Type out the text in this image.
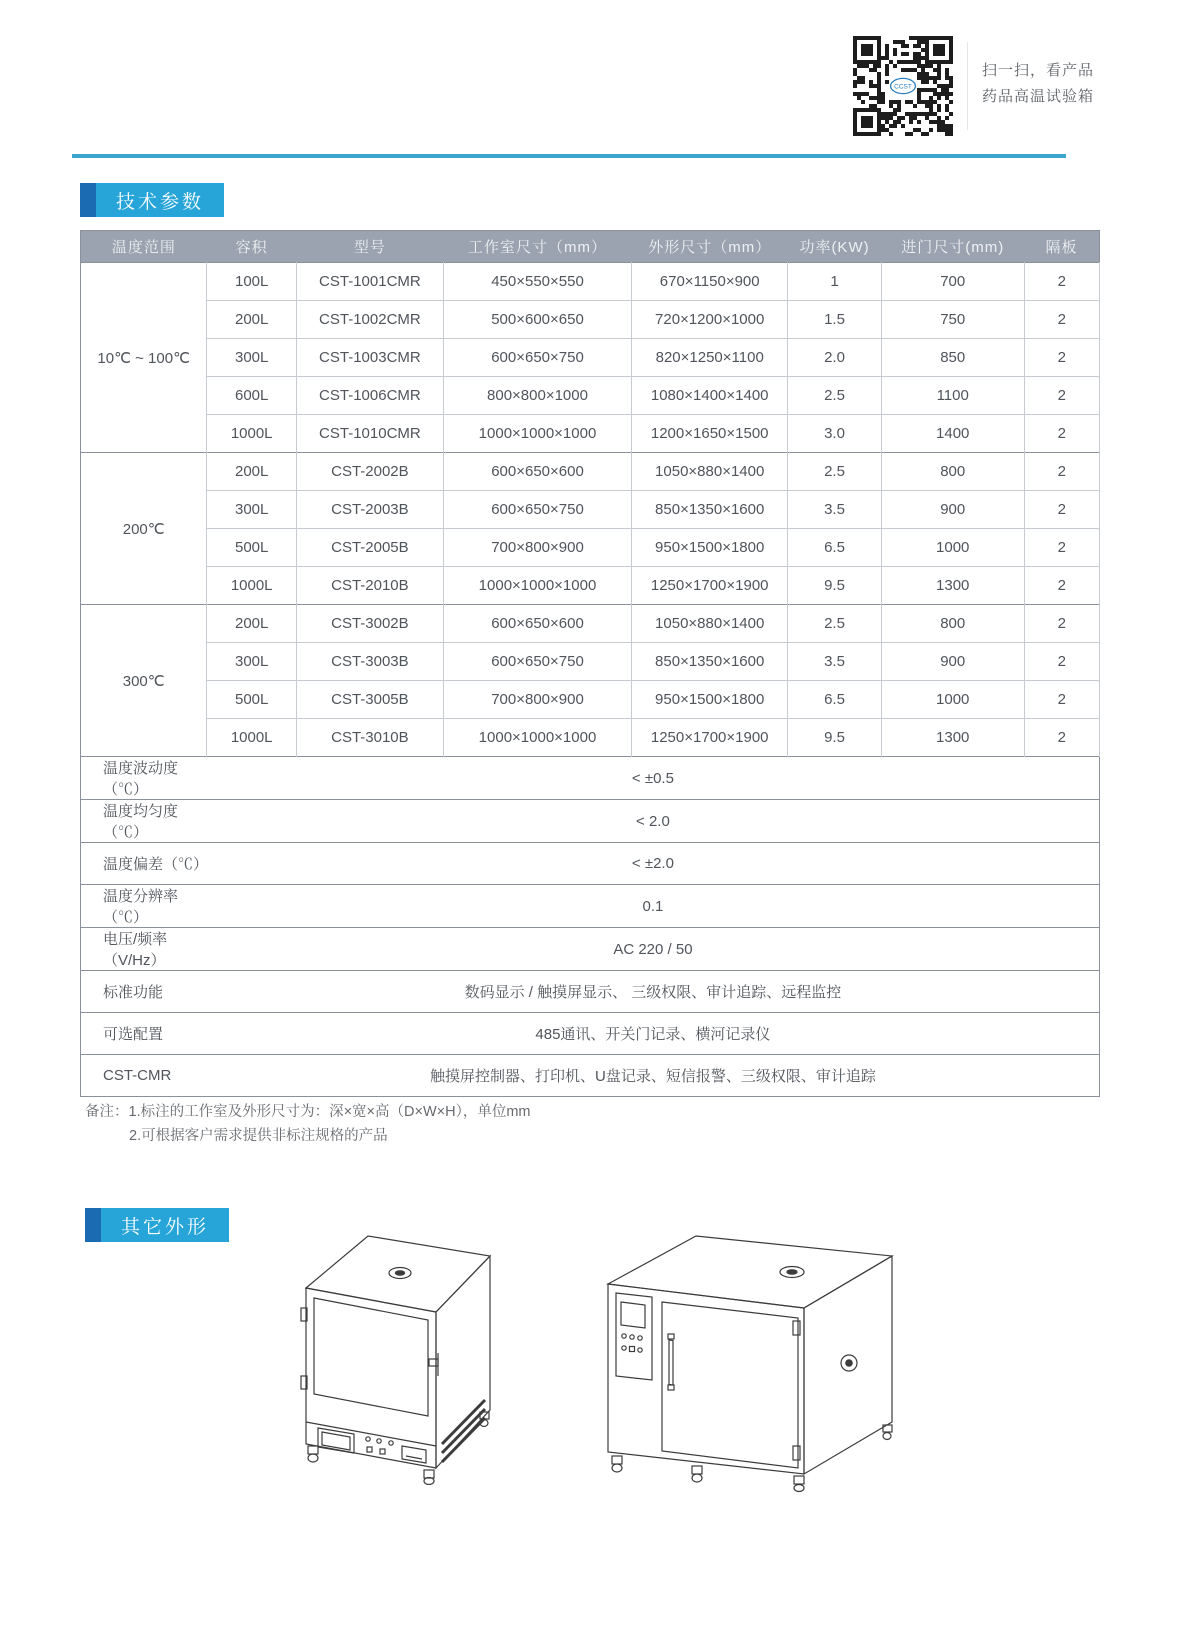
CCST
扫一扫，看产品
药品高温试验箱
技术参数
温度范围	容积	型号	工作室尺寸（mm）	外形尺寸（mm）	功率(KW)	进门尺寸(mm)	隔板
10℃ ~ 100℃	100L	CST-1001CMR	450×550×550	670×1150×900	1	700	2
	200L	CST-1002CMR	500×600×650	720×1200×1000	1.5	750	2
	300L	CST-1003CMR	600×650×750	820×1250×1100	2.0	850	2
	600L	CST-1006CMR	800×800×1000	1080×1400×1400	2.5	1100	2
	1000L	CST-1010CMR	1000×1000×1000	1200×1650×1500	3.0	1400	2
200℃	200L	CST-2002B	600×650×600	1050×880×1400	2.5	800	2
	300L	CST-2003B	600×650×750	850×1350×1600	3.5	900	2
	500L	CST-2005B	700×800×900	950×1500×1800	6.5	1000	2
	1000L	CST-2010B	1000×1000×1000	1250×1700×1900	9.5	1300	2
300℃	200L	CST-3002B	600×650×600	1050×880×1400	2.5	800	2
	300L	CST-3003B	600×650×750	850×1350×1600	3.5	900	2
	500L	CST-3005B	700×800×900	950×1500×1800	6.5	1000	2
	1000L	CST-3010B	1000×1000×1000	1250×1700×1900	9.5	1300	2
温度波动度（℃）	< ±0.5						
温度均匀度（℃）	< 2.0						
温度偏差（℃）	< ±2.0						
温度分辨率（℃）	0.1						
电压/频率（V/Hz）	AC 220 / 50						
标准功能	数码显示 / 触摸屏显示、 三级权限、审计追踪、远程监控						
可选配置	485通讯、开关门记录、横河记录仪						
CST-CMR	触摸屏控制器、打印机、U盘记录、短信报警、三级权限、审计追踪						
备注：1.标注的工作室及外形尺寸为：深×宽×高（D×W×H），单位mm
2.可根据客户需求提供非标注规格的产品
其它外形
